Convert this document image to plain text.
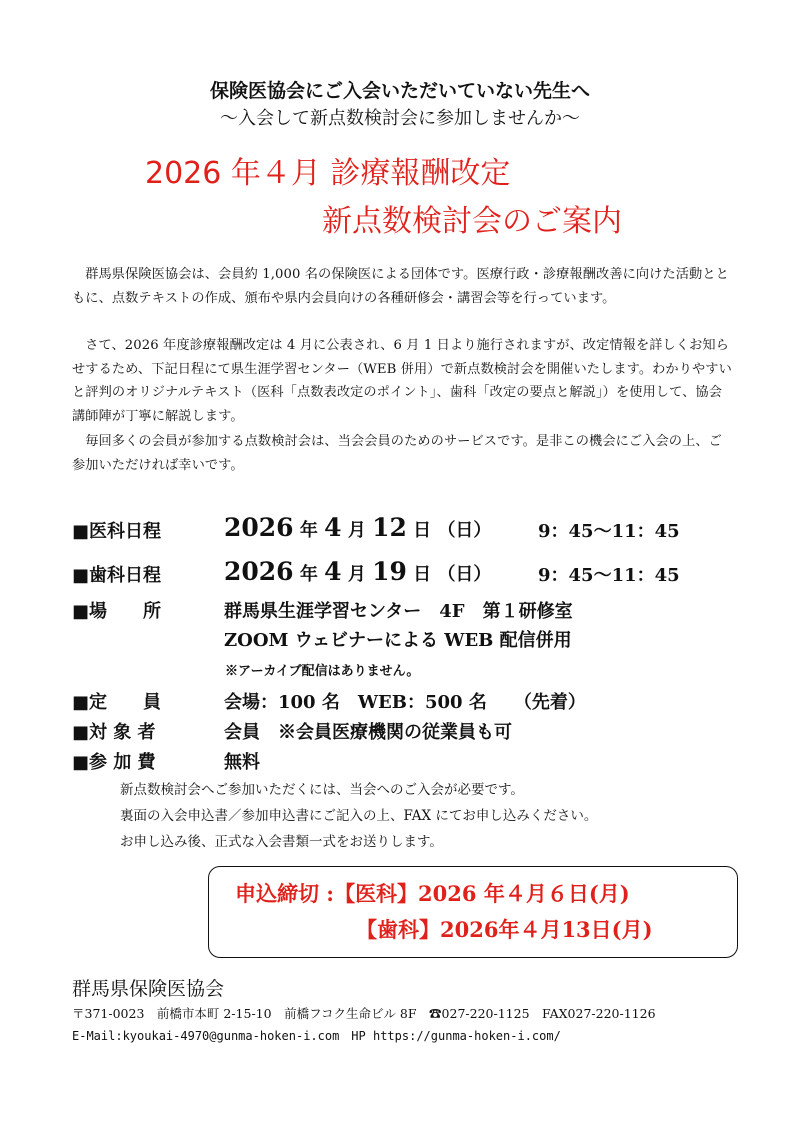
保険医協会にご入会いただいていない先生へ
〜入会して新点数検討会に参加しませんか〜
2026 年４月 診療報酬改定
新点数検討会のご案内
群馬県保険医協会は、会員約 1,000 名の保険医による団体です。医療行政・診療報酬改善に向けた活動とともに、点数テキストの作成、頒布や県内会員向けの各種研修会・講習会等を行っています。
さて、2026 年度診療報酬改定は 4 月に公表され、6 月 1 日より施行されますが、改定情報を詳しくお知らせするため、下記日程にて県生涯学習センター（WEB 併用）で新点数検討会を開催いたします。わかりやすいと評判のオリジナルテキスト（医科「点数表改定のポイント」、歯科「改定の要点と解説」）を使用して、協会講師陣が丁寧に解説します。
毎回多くの会員が参加する点数検討会は、当会会員のためのサービスです。是非この機会にご入会の上、ご参加いただければ幸いです。
■医科日程	2026 年 4 月 12 日 （日）	9：45〜11：45
■歯科日程	2026 年 4 月 19 日 （日）	9：45〜11：45
■場　　所	群馬県生涯学習センター　4F　第１研修室
ZOOM ウェビナーによる WEB 配信併用
※アーカイブ配信はありません。
■定　　員	会場：100 名　WEB：500 名　　（先着）
■対 象 者	会員　※会員医療機関の従業員も可
■参 加 費	無料
新点数検討会へご参加いただくには、当会へのご入会が必要です。
裏面の入会申込書／参加申込書にご記入の上、FAX にてお申し込みください。
お申し込み後、正式な入会書類一式をお送りします。
申込締切 :【医科】2026 年４月６日(月)
【歯科】2026年４月13日(月)
群馬県保険医協会
〒371-0023　前橋市本町 2-15-10　前橋フコク生命ビル 8F　☎027-220-1125　FAX027-220-1126
E-Mail:kyoukai-4970@gunma-hoken-i.com　HP https://gunma-hoken-i.com/
